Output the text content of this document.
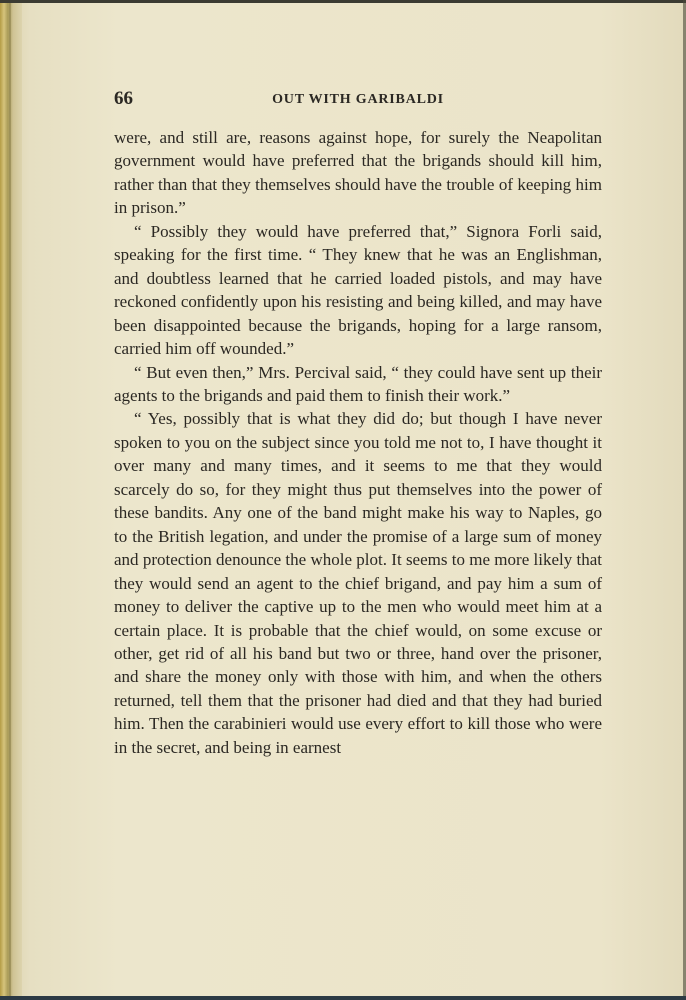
66	OUT WITH GARIBALDI

were, and still are, reasons against hope, for surely the Neapolitan government would have preferred that the brigands should kill him, rather than that they themselves should have the trouble of keeping him in prison.”

“ Possibly they would have preferred that,” Signora Forli said, speaking for the first time. “ They knew that he was an Englishman, and doubtless learned that he carried loaded pistols, and may have reckoned confidently upon his resisting and being killed, and may have been disappointed because the brigands, hoping for a large ransom, carried him off wounded.”

“ But even then,” Mrs. Percival said, “ they could have sent up their agents to the brigands and paid them to finish their work.”

“ Yes, possibly that is what they did do; but though I have never spoken to you on the subject since you told me not to, I have thought it over many and many times, and it seems to me that they would scarcely do so, for they might thus put themselves into the power of these bandits. Any one of the band might make his way to Naples, go to the British legation, and under the promise of a large sum of money and protection denounce the whole plot. It seems to me more likely that they would send an agent to the chief brigand, and pay him a sum of money to deliver the captive up to the men who would meet him at a certain place. It is probable that the chief would, on some excuse or other, get rid of all his band but two or three, hand over the prisoner, and share the money only with those with him, and when the others returned, tell them that the prisoner had died and that they had buried him. Then the carabinieri would use every effort to kill those who were in the secret, and being in earnest
